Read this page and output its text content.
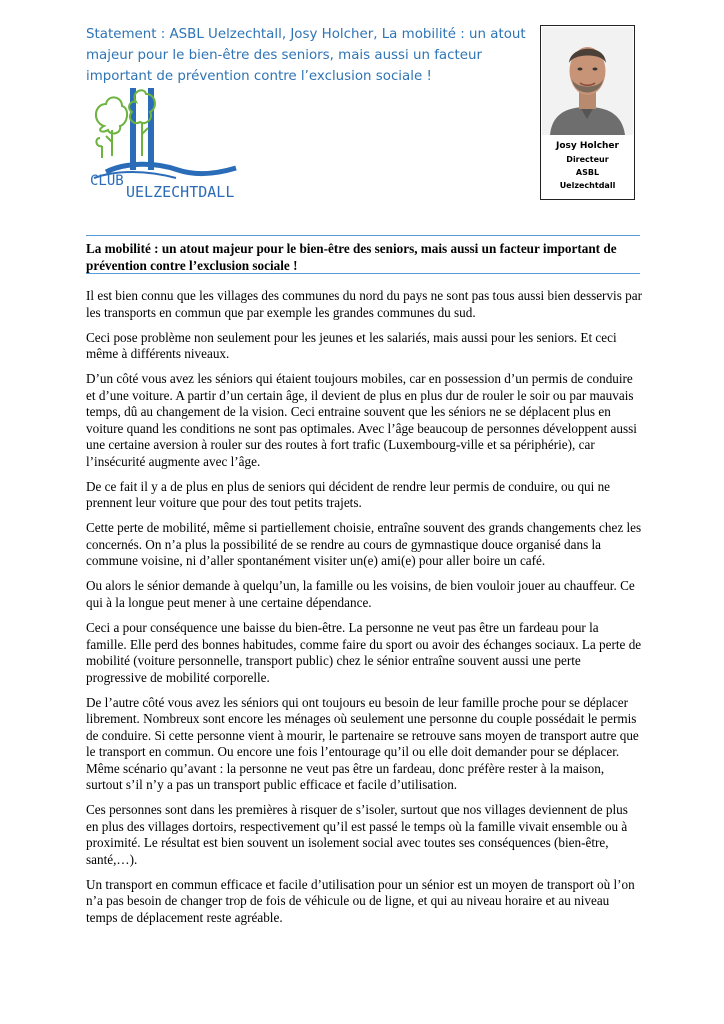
Statement : ASBL Uelzechtall, Josy Holcher, La mobilité : un atout majeur pour le bien-être des seniors, mais aussi un facteur important de prévention contre l’exclusion sociale !
CLUB
UELZECHTDALL
Josy Holcher
Directeur
ASBL
Uelzechtdall
La mobilité : un atout majeur pour le bien-être des seniors, mais aussi un facteur important de prévention contre l’exclusion sociale !

Il est bien connu que les villages des communes du nord du pays ne sont pas tous aussi bien desservis par les transports en commun que par exemple les grandes communes du sud.

Ceci pose problème non seulement pour les jeunes et les salariés, mais aussi pour les seniors. Et ceci même à différents niveaux.

D’un côté vous avez les séniors qui étaient toujours mobiles, car en possession d’un permis de conduire et d’une voiture. A partir d’un certain âge, il devient de plus en plus dur de rouler le soir ou par mauvais temps, dû au changement de la vision. Ceci entraine souvent que les séniors ne se déplacent plus en voiture quand les conditions ne sont pas optimales. Avec l’âge beaucoup de personnes développent aussi une certaine aversion à rouler sur des routes à fort trafic (Luxembourg-ville et sa périphérie), car l’insécurité augmente avec l’âge.

De ce fait il y a de plus en plus de seniors qui décident de rendre leur permis de conduire, ou qui ne prennent leur voiture que pour des tout petits trajets.

Cette perte de mobilité, même si partiellement choisie, entraîne souvent des grands changements chez les concernés. On n’a plus la possibilité de se rendre au cours de gymnastique douce organisé dans la commune voisine, ni d’aller spontanément visiter un(e) ami(e) pour aller boire un café.

Ou alors le sénior demande à quelqu’un, la famille ou les voisins, de bien vouloir jouer au chauffeur. Ce qui à la longue peut mener à une certaine dépendance.

Ceci a pour conséquence une baisse du bien-être. La personne ne veut pas être un fardeau pour la famille. Elle perd des bonnes habitudes, comme faire du sport ou avoir des échanges sociaux. La perte de mobilité (voiture personnelle, transport public) chez le sénior entraîne souvent aussi une perte progressive de mobilité corporelle.

De l’autre côté vous avez les séniors qui ont toujours eu besoin de leur famille proche pour se déplacer librement. Nombreux sont encore les ménages où seulement une personne du couple possédait le permis de conduire. Si cette personne vient à mourir, le partenaire se retrouve sans moyen de transport autre que le transport en commun. Ou encore une fois l’entourage qu’il ou elle doit demander pour se déplacer. Même scénario qu’avant : la personne ne veut pas être un fardeau, donc préfère rester à la maison, surtout s’il n’y a pas un transport public efficace et facile d’utilisation.

Ces personnes sont dans les premières à risquer de s’isoler, surtout que nos villages deviennent de plus en plus des villages dortoirs, respectivement qu’il est passé le temps où la famille vivait ensemble ou à proximité. Le résultat est bien souvent un isolement social avec toutes ses conséquences (bien-être, santé,…).

Un transport en commun efficace et facile d’utilisation pour un sénior est un moyen de transport où l’on n’a pas besoin de changer trop de fois de véhicule ou de ligne, et qui au niveau horaire et au niveau temps de déplacement reste agréable.
